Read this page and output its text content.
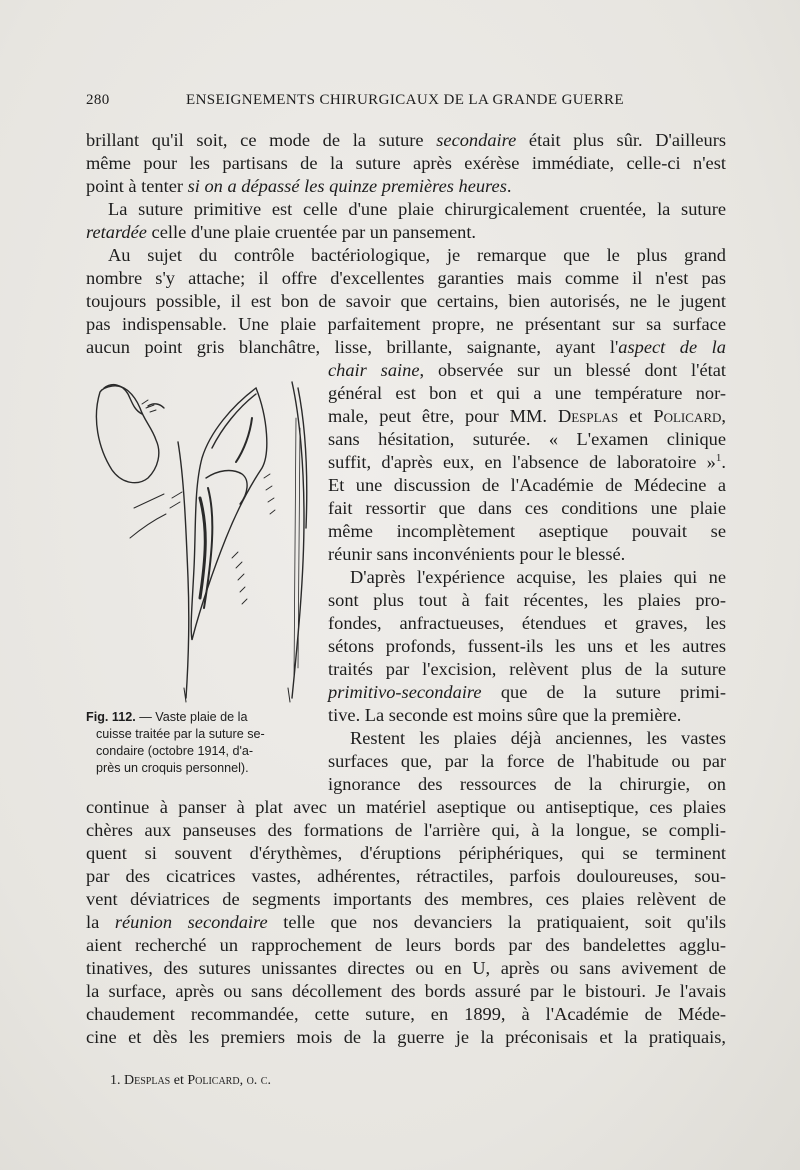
280	ENSEIGNEMENTS CHIRURGICAUX DE LA GRANDE GUERRE
brillant qu'il soit, ce mode de la suture secondaire était plus sûr. D'ailleurs
même pour les partisans de la suture après exérèse immédiate, celle-ci n'est
point à tenter si on a dépassé les quinze premières heures.
La suture primitive est celle d'une plaie chirurgicalement cruentée, la suture
retardée celle d'une plaie cruentée par un pansement.
Au sujet du contrôle bactériologique, je remarque que le plus grand
nombre s'y attache; il offre d'excellentes garanties mais comme il n'est pas
toujours possible, il est bon de savoir que certains, bien autorisés, ne le jugent
pas indispensable. Une plaie parfaitement propre, ne présentant sur sa surface
aucun point gris blanchâtre, lisse, brillante, saignante, ayant l'aspect de la
Fig. 112. — Vaste plaie de la
cuisse traitée par la suture se-
condaire (octobre 1914, d'a-
près un croquis personnel).
chair saine, observée sur un blessé dont l'état
général est bon et qui a une température nor-
male, peut être, pour MM. Desplas et Policard,
sans hésitation, suturée. « L'examen clinique
suffit, d'après eux, en l'absence de laboratoire »$^1$.
Et une discussion de l'Académie de Médecine a
fait ressortir que dans ces conditions une plaie
même incomplètement aseptique pouvait se
réunir sans inconvénients pour le blessé.
D'après l'expérience acquise, les plaies qui ne
sont plus tout à fait récentes, les plaies pro-
fondes, anfractueuses, étendues et graves, les
sétons profonds, fussent-ils les uns et les autres
traités par l'excision, relèvent plus de la suture
primitivo-secondaire que de la suture primi-
tive. La seconde est moins sûre que la première.
Restent les plaies déjà anciennes, les vastes
surfaces que, par la force de l'habitude ou par
ignorance des ressources de la chirurgie, on
continue à panser à plat avec un matériel aseptique ou antiseptique, ces plaies
chères aux panseuses des formations de l'arrière qui, à la longue, se compli-
quent si souvent d'érythèmes, d'éruptions périphériques, qui se terminent
par des cicatrices vastes, adhérentes, rétractiles, parfois douloureuses, sou-
vent déviatrices de segments importants des membres, ces plaies relèvent de
la réunion secondaire telle que nos devanciers la pratiquaient, soit qu'ils
aient recherché un rapprochement de leurs bords par des bandelettes agglu-
tinatives, des sutures unissantes directes ou en U, après ou sans avivement de
la surface, après ou sans décollement des bords assuré par le bistouri. Je l'avais
chaudement recommandée, cette suture, en 1899, à l'Académie de Méde-
cine et dès les premiers mois de la guerre je la préconisais et la pratiquais,
1. Desplas et Policard, o. c.
